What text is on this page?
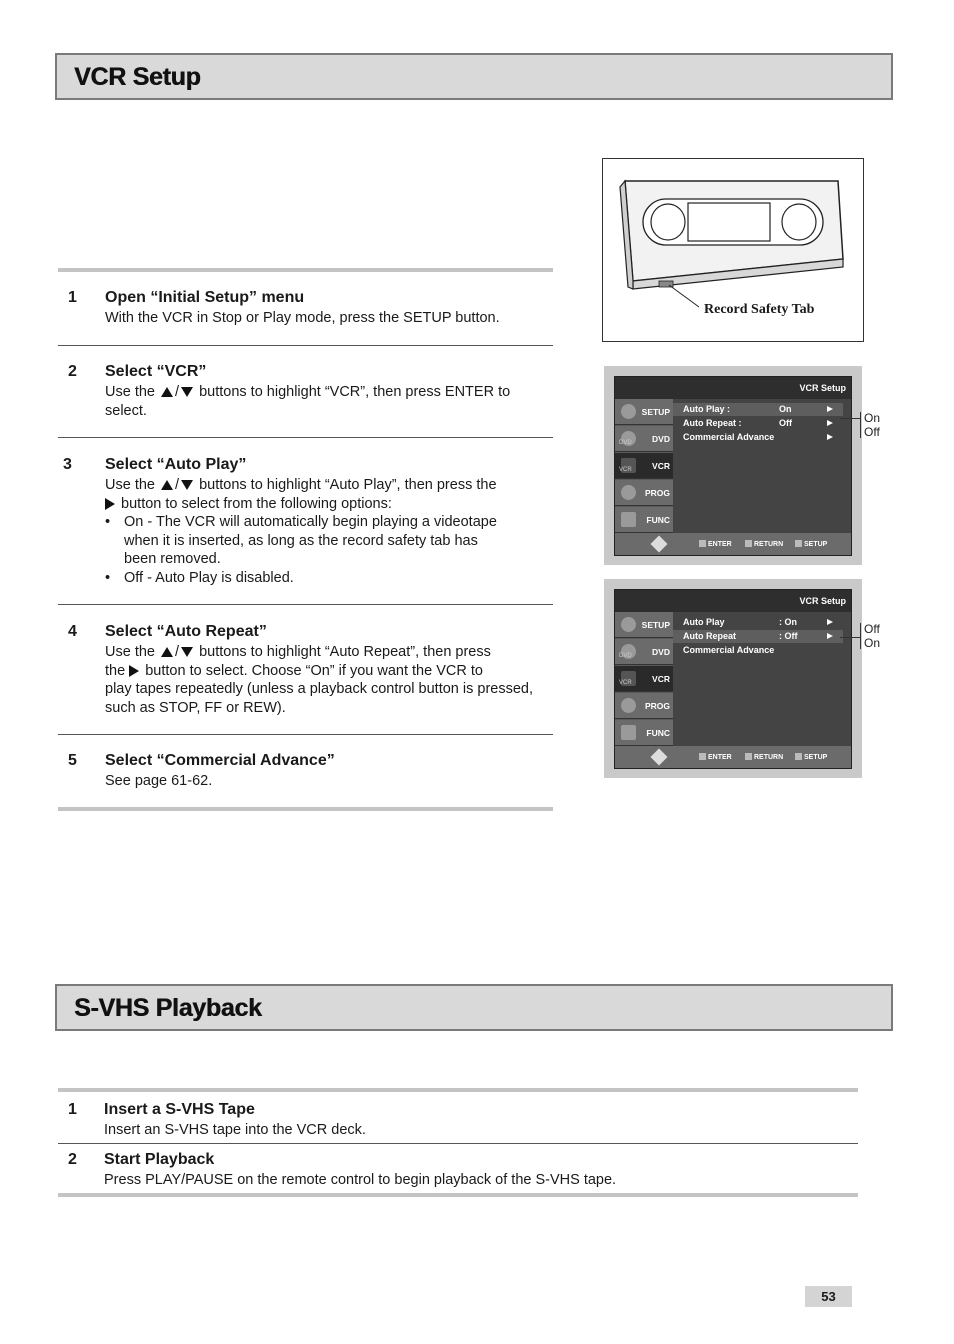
VCR Setup
1 Open “Initial Setup” menu
With the VCR in Stop or Play mode, press the SETUP button.
2 Select “VCR”
Use the / buttons to highlight “VCR”, then press ENTER to
select.
3 Select “Auto Play”
Use the / buttons to highlight “Auto Play”, then press the
button to select from the following options:
• On - The VCR will automatically begin playing a videotape
when it is inserted, as long as the record safety tab has
been removed.
• Off - Auto Play is disabled.
4 Select “Auto Repeat”
Use the / buttons to highlight “Auto Repeat”, then press
the button to select. Choose “On” if you want the VCR to
play tapes repeatedly (unless a playback control button is pressed,
such as STOP, FF or REW).
5 Select “Commercial Advance”
See page 61-62.
Record Safety Tab
VCR Setup
SETUP
DVD DVD
VCR VCR
PROG
FUNC
Auto Play :	On
Auto Repeat :	Off
Commercial Advance
ENTER	RETURN	SETUP
On
Off
VCR Setup
SETUP
DVD DVD
VCR VCR
PROG
FUNC
Auto Play	: On
Auto Repeat	: Off
Commercial Advance
ENTER	RETURN	SETUP
Off
On
S-VHS Playback
1 Insert a S-VHS Tape
Insert an S-VHS tape into the VCR deck.
2 Start Playback
Press PLAY/PAUSE on the remote control to begin playback of the S-VHS tape.
53
